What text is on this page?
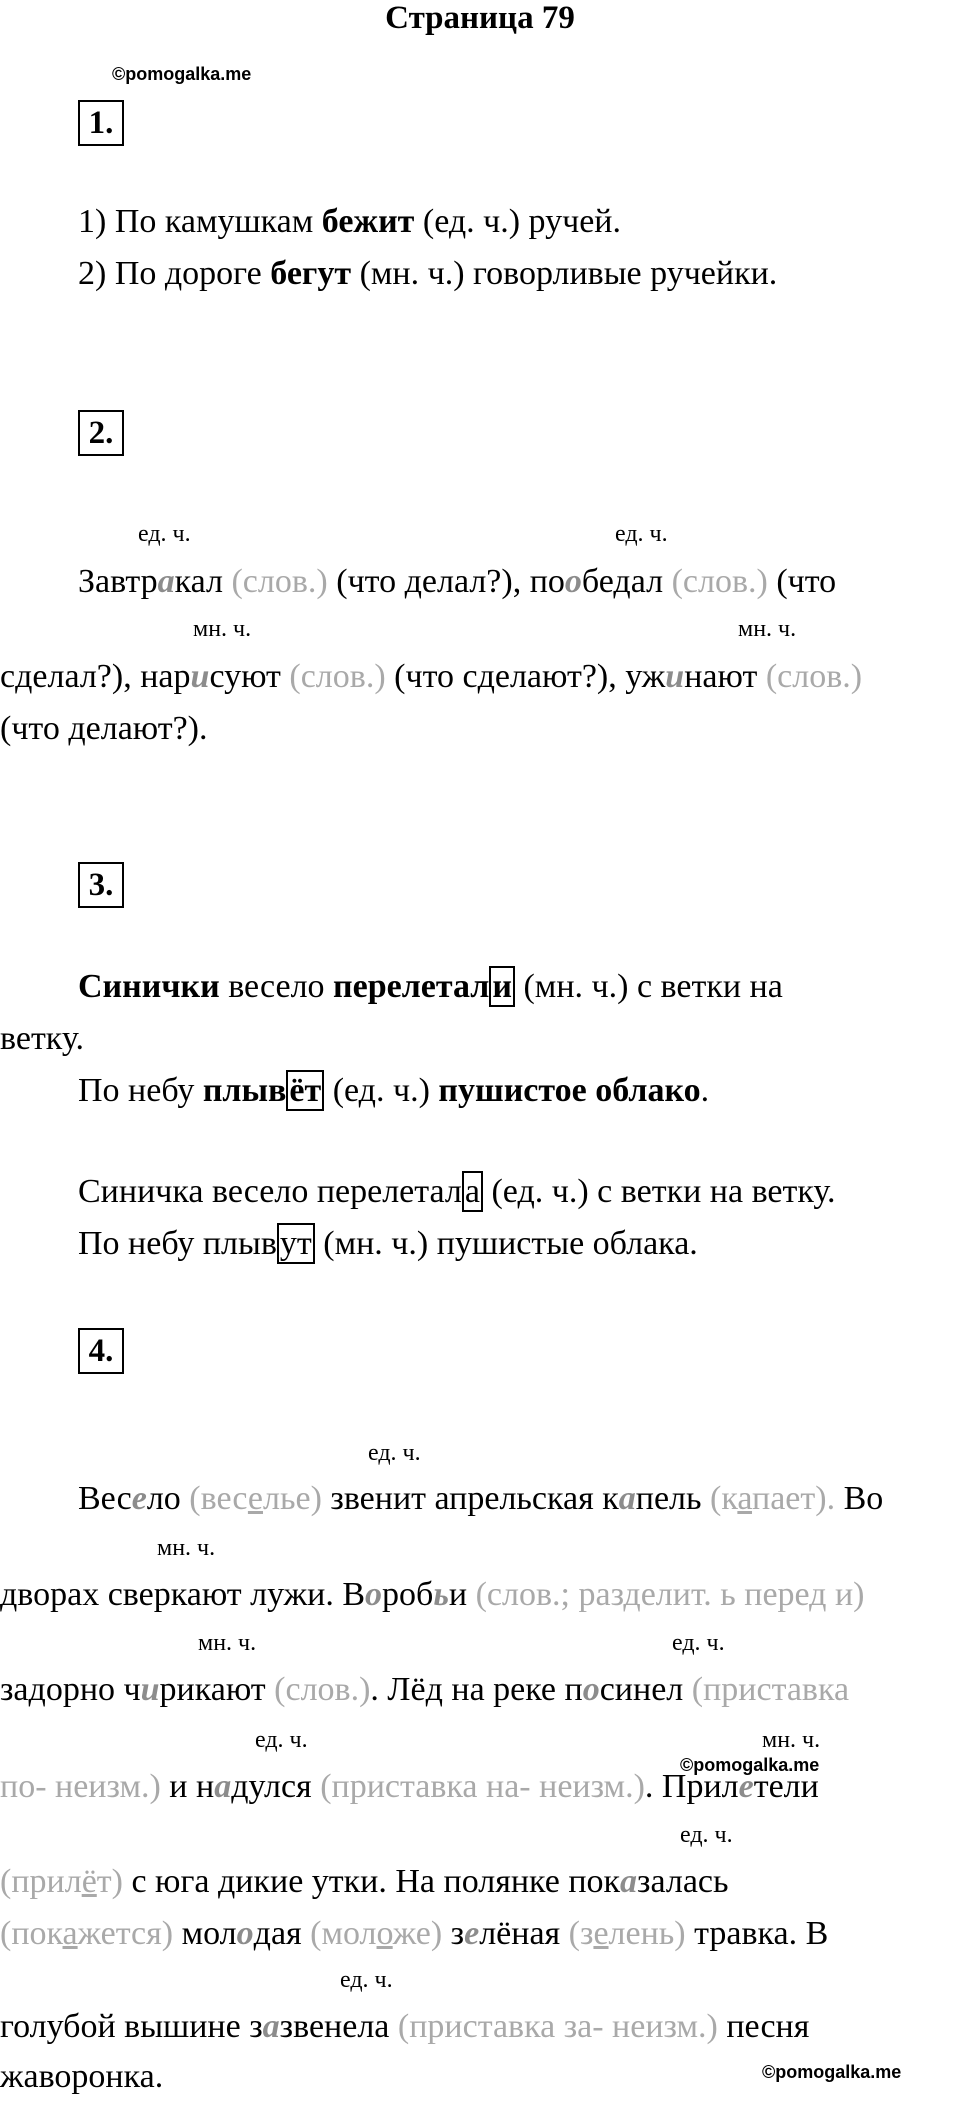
Страница 79
©pomogalka.me
1.
1) По камушкам бежит (ед. ч.) ручей.
2) По дороге бегут (мн. ч.) говорливые ручейки.
2.
ед. ч.	ед. ч.
Завтракал (слов.) (что делал?), пообедал (слов.) (что
мн. ч.	мн. ч.
сделал?), нарисуют (слов.) (что сделают?), ужинают (слов.)
(что делают?).
3.
Синички весело перелетали (мн. ч.) с ветки на
ветку.
По небу плывёт (ед. ч.) пушистое облако.
Синичка весело перелетала (ед. ч.) с ветки на ветку.
По небу плывут (мн. ч.) пушистые облака.
4.
ед. ч.
Весело (веселье) звенит апрельская капель (капает). Во
мн. ч.
дворах сверкают лужи. Воробьи (слов.; разделит. ь перед и)
мн. ч.	ед. ч.
задорно чирикают (слов.). Лёд на реке посинел (приставка
ед. ч.
©pomogalka.me
мн. ч.
по- неизм.) и надулся (приставка на- неизм.). Прилетели
ед. ч.
(прилёт) с юга дикие утки. На полянке показалась
(покажется) молодая (моложе) зелёная (зелень) травка. В
ед. ч.
голубой вышине зазвенела (приставка за- неизм.) песня
жаворонка.	©pomogalka.me
